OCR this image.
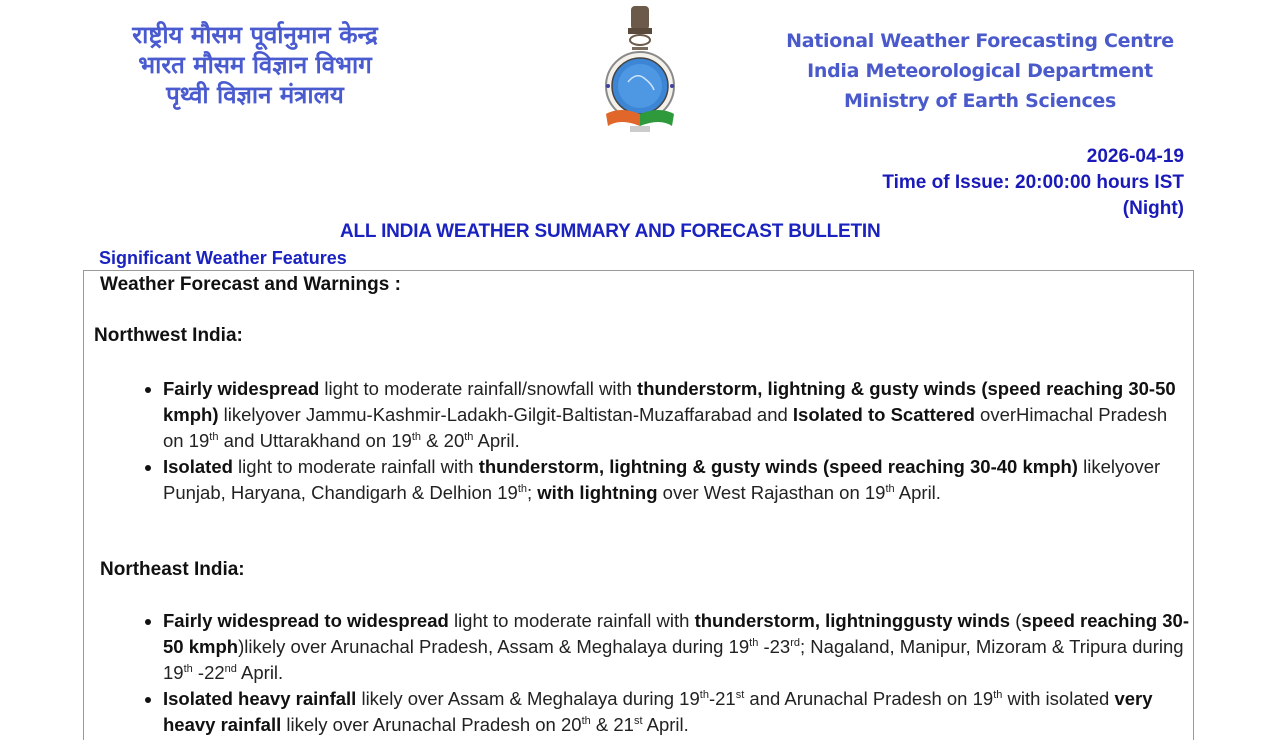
राष्ट्रीय मौसम पूर्वानुमान केन्द्र
भारत मौसम विज्ञान विभाग
पृथ्वी विज्ञान मंत्रालय
National Weather Forecasting Centre
India Meteorological Department
Ministry of Earth Sciences
2026-04-19
Time of Issue: 20:00:00 hours IST
(Night)
ALL INDIA WEATHER SUMMARY AND FORECAST BULLETIN
Significant Weather Features
Weather Forecast and Warnings :
Northwest India:
Fairly widespread light to moderate rainfall/snowfall with thunderstorm, lightning & gusty winds (speed reaching 30-50 kmph) likelyover Jammu-Kashmir-Ladakh-Gilgit-Baltistan-Muzaffarabad and Isolated to Scattered overHimachal Pradesh on 19th and Uttarakhand on 19th & 20th April.
Isolated light to moderate rainfall with thunderstorm, lightning & gusty winds (speed reaching 30-40 kmph) likelyover Punjab, Haryana, Chandigarh & Delhion 19th; with lightning over West Rajasthan on 19th April.
Northeast India:
Fairly widespread to widespread light to moderate rainfall with thunderstorm, lightninggusty winds (speed reaching 30-50 kmph)likely over Arunachal Pradesh, Assam & Meghalaya during 19th -23rd; Nagaland, Manipur, Mizoram & Tripura during 19th -22nd April.
Isolated heavy rainfall likely over Assam & Meghalaya during 19th-21st and Arunachal Pradesh on 19th with isolated very heavy rainfall likely over Arunachal Pradesh on 20th & 21st April.
